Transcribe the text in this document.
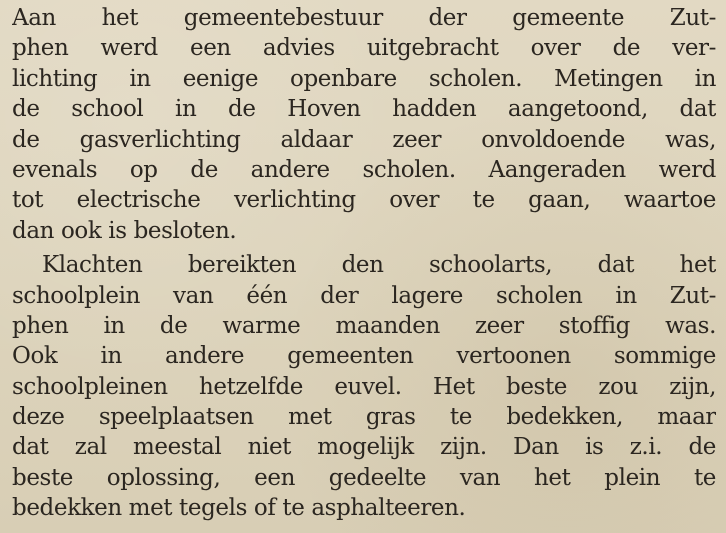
Aan het gemeentebestuur der gemeente Zut-

phen werd een advies uitgebracht over de ver-

lichting in eenige openbare scholen. Metingen in

de school in de Hoven hadden aangetoond, dat

de gasverlichting aldaar zeer onvoldoende was,

evenals op de andere scholen. Aangeraden werd

tot electrische verlichting over te gaan, waartoe

dan ook is besloten.

Klachten bereikten den schoolarts, dat het

schoolplein van één der lagere scholen in Zut-

phen in de warme maanden zeer stoffig was.

Ook in andere gemeenten vertoonen sommige

schoolpleinen hetzelfde euvel. Het beste zou zijn,

deze speelplaatsen met gras te bedekken, maar

dat zal meestal niet mogelijk zijn. Dan is z.i. de

beste oplossing, een gedeelte van het plein te

bedekken met tegels of te asphalteeren.
